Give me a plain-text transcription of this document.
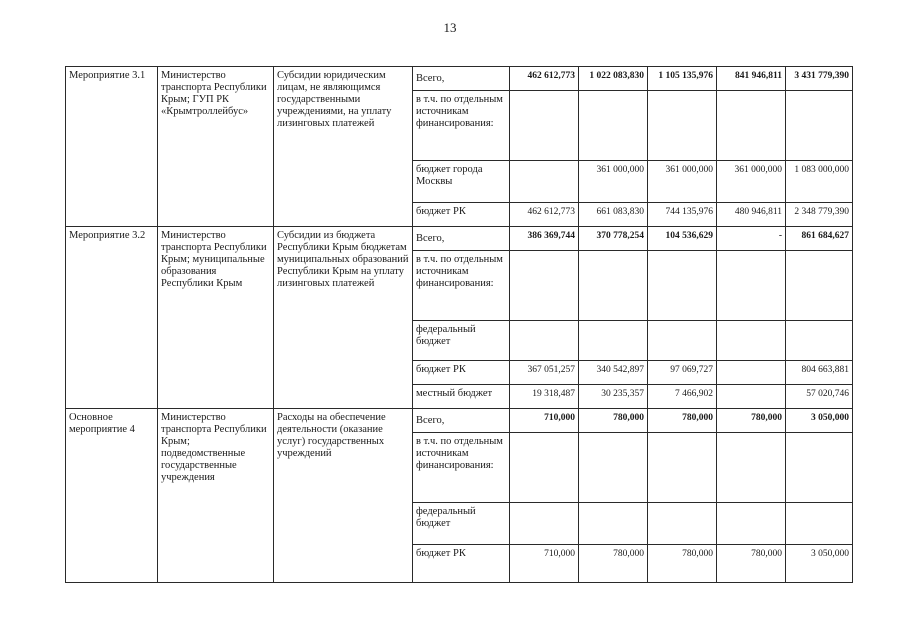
13
Мероприятие 3.1	Министерство транспорта Республики Крым; ГУП РК «Крымтроллейбус»	Субсидии юридическим лицам, не являющимся государственными учреждениями, на уплату лизинговых платежей	Всего,	462 612,773	1 022 083,830	1 105 135,976	841 946,811	3 431 779,390
			в т.ч. по отдельным источникам финансирования:					
			бюджет города Москвы		361 000,000	361 000,000	361 000,000	1 083 000,000
			бюджет РК	462 612,773	661 083,830	744 135,976	480 946,811	2 348 779,390
Мероприятие 3.2	Министерство транспорта Республики Крым; муниципальные образования Республики Крым	Субсидии из бюджета Республики Крым бюджетам муниципальных образований Республики Крым на уплату лизинговых платежей	Всего,	386 369,744	370 778,254	104 536,629	-	861 684,627
			в т.ч. по отдельным источникам финансирования:					
			федеральный бюджет					
			бюджет РК	367 051,257	340 542,897	97 069,727		804 663,881
			местный бюджет	19 318,487	30 235,357	7 466,902		57 020,746
Основное мероприятие 4	Министерство транспорта Республики Крым; подведомственные государственные учреждения	Расходы на обеспечение деятельности (оказание услуг) государственных учреждений	Всего,	710,000	780,000	780,000	780,000	3 050,000
			в т.ч. по отдельным источникам финансирования:					
			федеральный бюджет					
			бюджет РК	710,000	780,000	780,000	780,000	3 050,000
